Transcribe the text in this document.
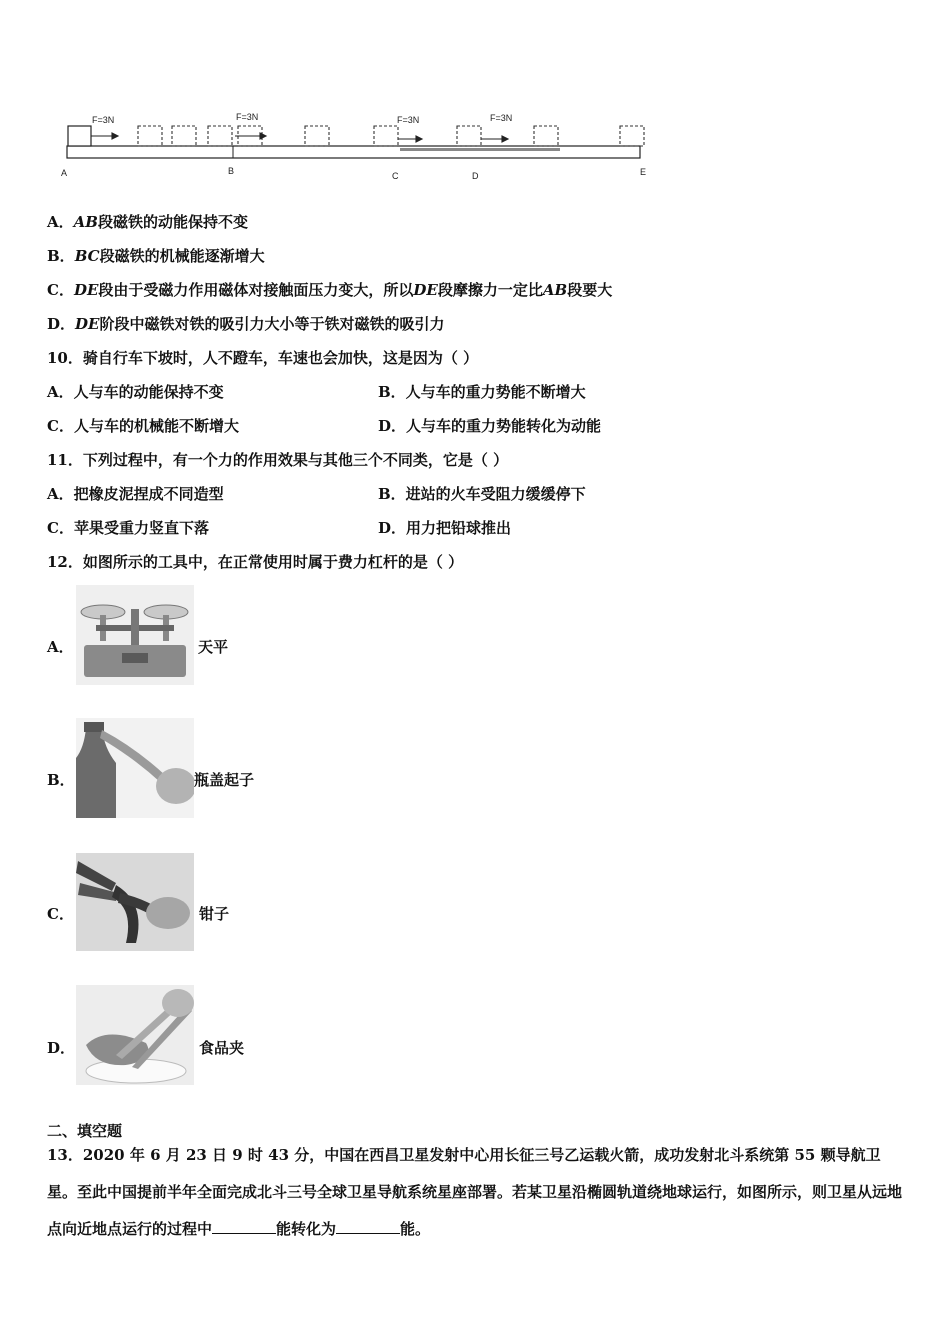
F=3N	F=3N	F=3N	F=3N
A	B	C	D	E
A．AB段磁铁的动能保持不变
B．BC段磁铁的机械能逐渐增大
C．DE段由于受磁力作用磁体对接触面压力变大，所以DE段摩擦力一定比AB段要大
D．DE阶段中磁铁对铁的吸引力大小等于铁对磁铁的吸引力
10．骑自行车下坡时，人不蹬车，车速也会加快，这是因为（ ）
A．人与车的动能保持不变	B．人与车的重力势能不断增大
C．人与车的机械能不断增大	D．人与车的重力势能转化为动能
11．下列过程中，有一个力的作用效果与其他三个不同类，它是（ ）
A．把橡皮泥捏成不同造型	B．进站的火车受阻力缓缓停下
C．苹果受重力竖直下落	D．用力把铅球推出
12．如图所示的工具中，在正常使用时属于费力杠杆的是（ ）
A．	天平
B．	瓶盖起子
C．	钳子
D．	食品夹
二、填空题
13．2020 年 6 月 23 日 9 时 43 分，中国在西昌卫星发射中心用长征三号乙运载火箭，成功发射北斗系统第 55 颗导航卫星。至此中国提前半年全面完成北斗三号全球卫星导航系统星座部署。若某卫星沿椭圆轨道绕地球运行，如图所示，则卫星从远地点向近地点运行的过程中	能转化为	能。
